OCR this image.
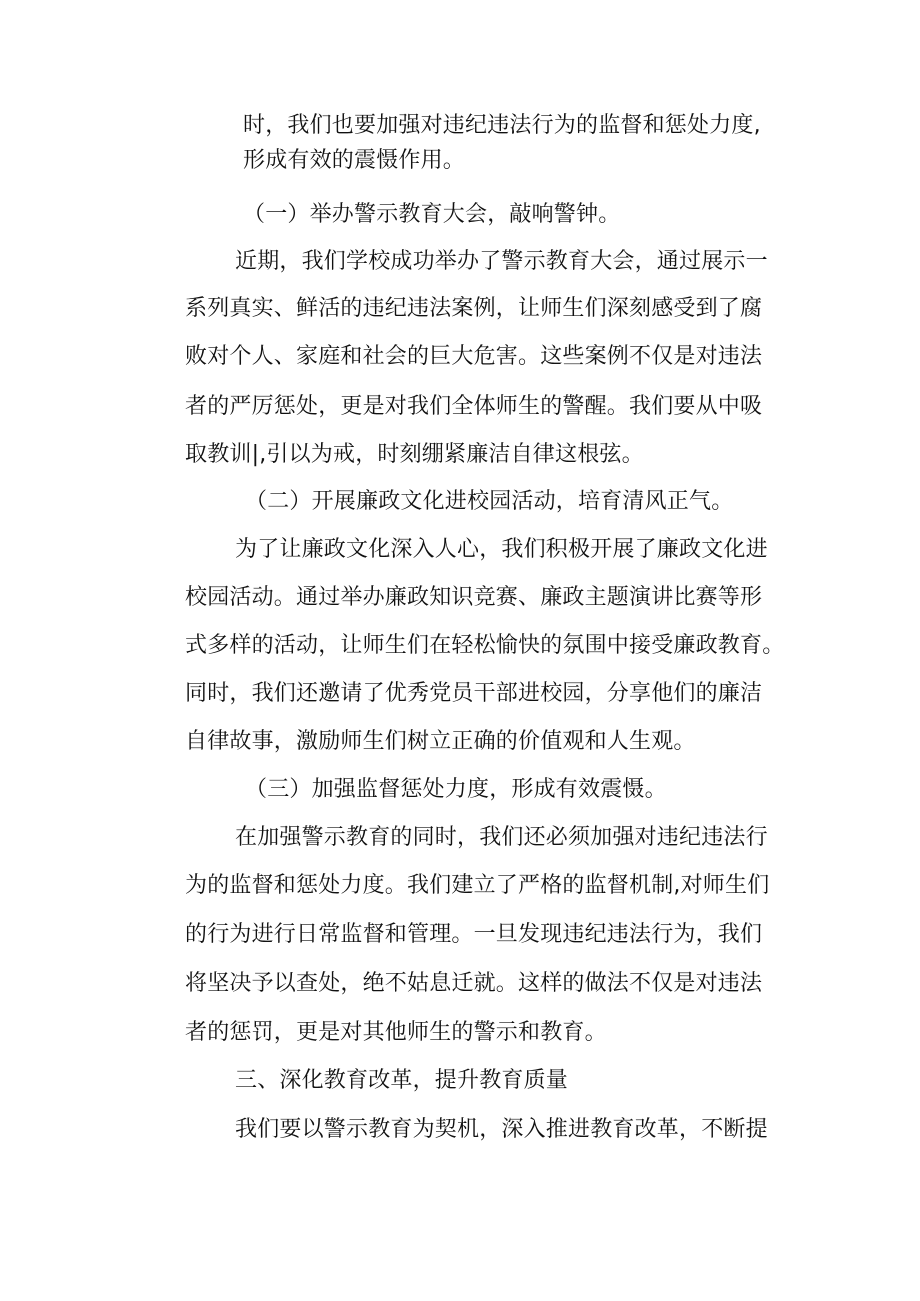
时，我们也要加强对违纪违法行为的监督和惩处力度,
形成有效的震慑作用。
（一）举办警示教育大会，敲响警钟。
近期，我们学校成功举办了警示教育大会，通过展示一
系列真实、鲜活的违纪违法案例，让师生们深刻感受到了腐
败对个人、家庭和社会的巨大危害。这些案例不仅是对违法
者的严厉惩处，更是对我们全体师生的警醒。我们要从中吸
取教训|,引以为戒，时刻绷紧廉洁自律这根弦。
（二）开展廉政文化进校园活动，培育清风正气。
为了让廉政文化深入人心，我们积极开展了廉政文化进
校园活动。通过举办廉政知识竞赛、廉政主题演讲比赛等形
式多样的活动，让师生们在轻松愉快的氛围中接受廉政教育。
同时，我们还邀请了优秀党员干部进校园，分享他们的廉洁
自律故事，激励师生们树立正确的价值观和人生观。
（三）加强监督惩处力度，形成有效震慑。
在加强警示教育的同时，我们还必须加强对违纪违法行
为的监督和惩处力度。我们建立了严格的监督机制,对师生们
的行为进行日常监督和管理。一旦发现违纪违法行为，我们
将坚决予以查处，绝不姑息迁就。这样的做法不仅是对违法
者的惩罚，更是对其他师生的警示和教育。
三、深化教育改革，提升教育质量
我们要以警示教育为契机，深入推进教育改革，不断提
